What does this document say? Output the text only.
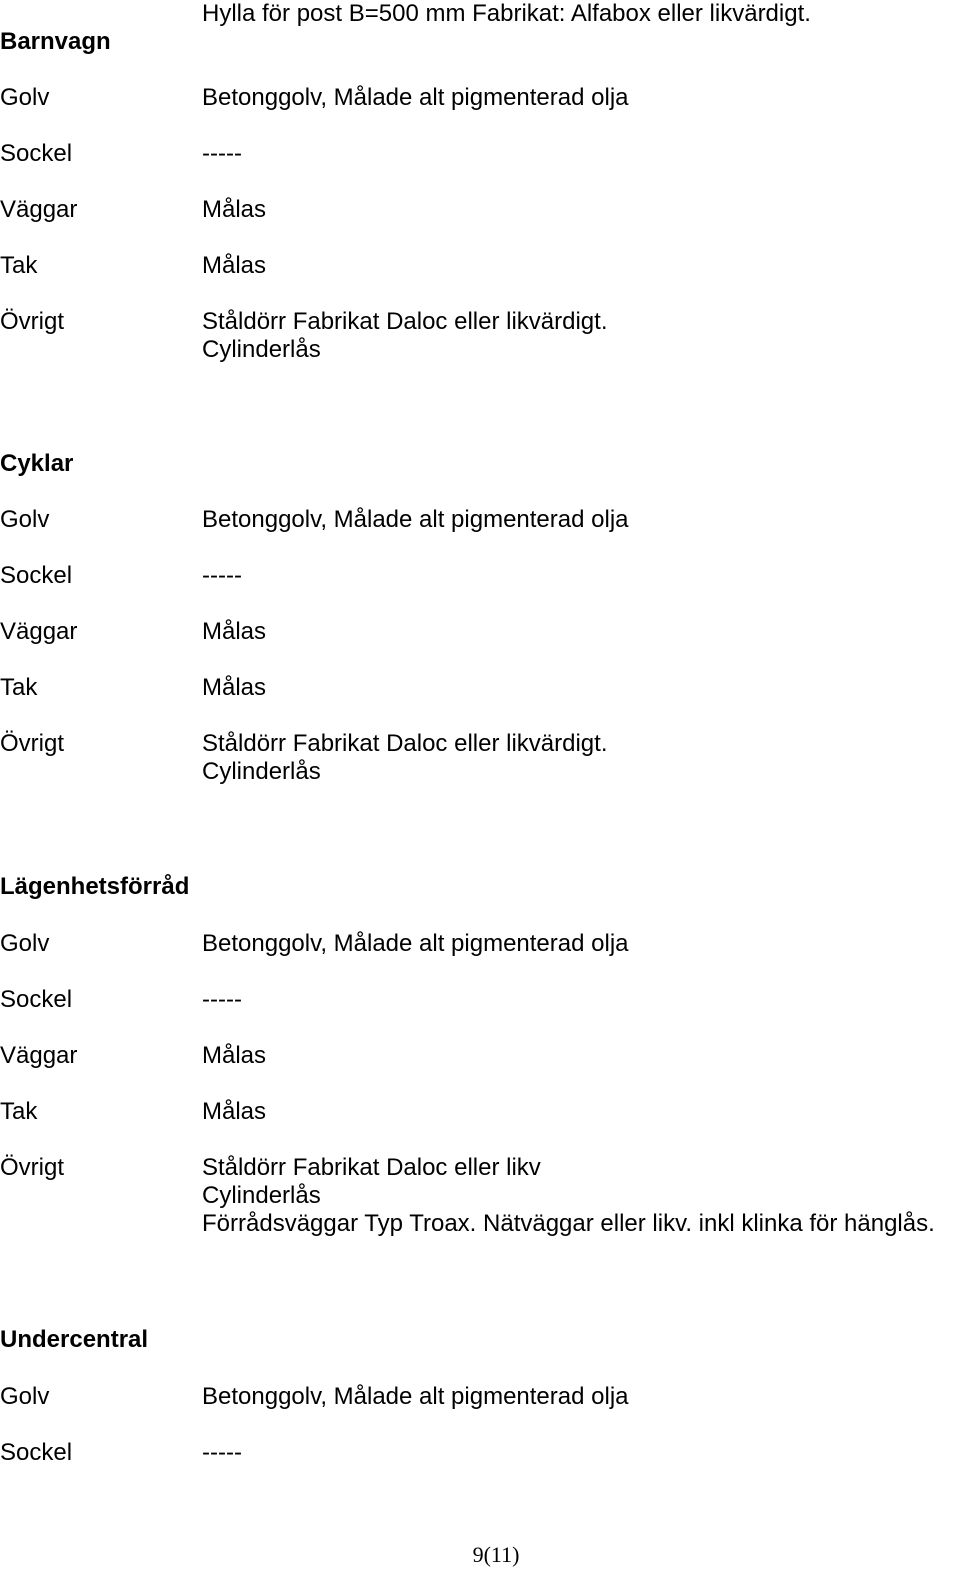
Barnvagn
Hylla för post B=500 mm Fabrikat: Alfabox eller likvärdigt.
Golv	Betonggolv, Målade alt pigmenterad olja
Sockel	-----
Väggar	Målas
Tak	Målas
Övrigt	Ståldörr Fabrikat Daloc eller likvärdigt.
Cylinderlås
Cyklar
Golv	Betonggolv, Målade alt pigmenterad olja
Sockel	-----
Väggar	Målas
Tak	Målas
Övrigt	Ståldörr Fabrikat Daloc eller likvärdigt.
Cylinderlås
Lägenhetsförråd
Golv	Betonggolv, Målade alt pigmenterad olja
Sockel	-----
Väggar	Målas
Tak	Målas
Övrigt	Ståldörr Fabrikat Daloc eller likv
Cylinderlås
Förrådsväggar Typ Troax. Nätväggar eller likv. inkl klinka för hänglås.
Undercentral
Golv	Betonggolv, Målade alt pigmenterad olja
Sockel	-----
9(11)
